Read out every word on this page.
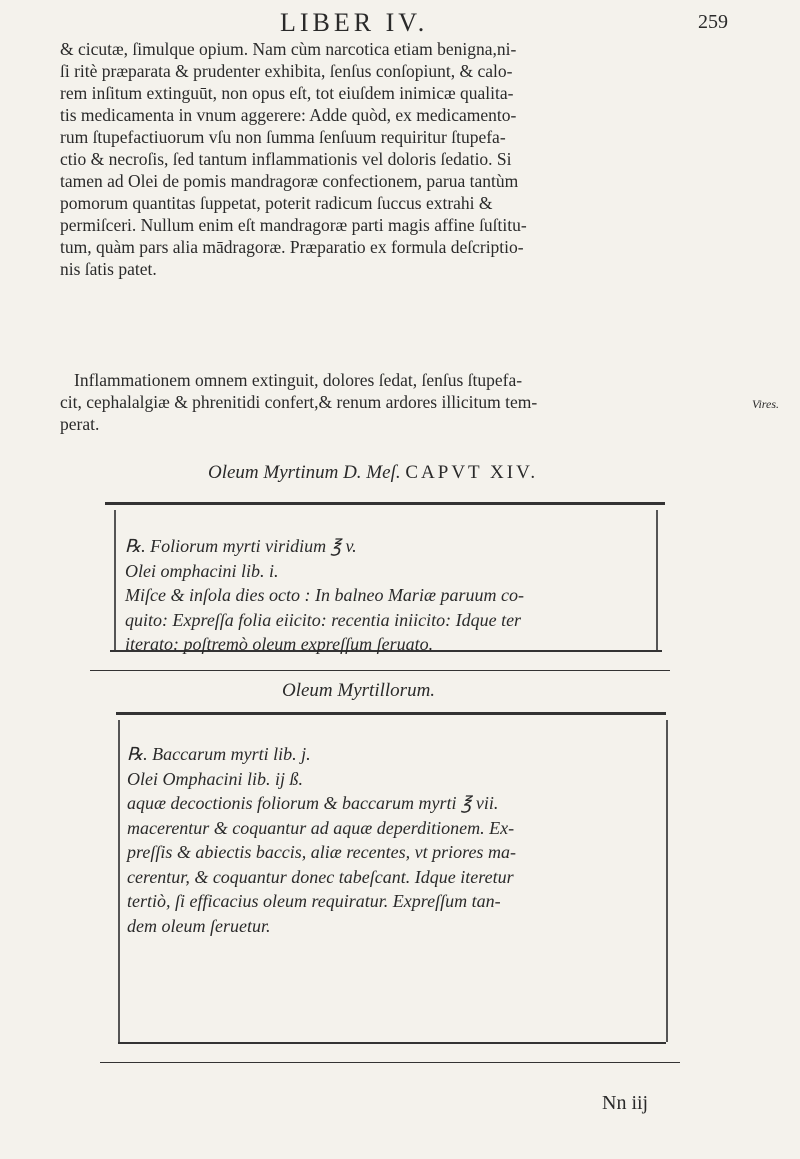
LIBER IV.	259

& cicutæ, ſimulque opium. Nam cùm narcotica etiam benigna,ni-

ſi ritè præparata & prudenter exhibita, ſenſus conſopiunt, & calo-

rem inſitum extinguūt, non opus eſt, tot eiuſdem inimicæ qualita-

tis medicamenta in vnum aggerere: Adde quòd, ex medicamento-

rum ſtupefactiuorum vſu non ſumma ſenſuum requiritur ſtupefa-

ctio & necroſis, ſed tantum inflammationis vel doloris ſedatio. Si

tamen ad Olei de pomis mandragoræ confectionem, parua tantùm

pomorum quantitas ſuppetat, poterit radicum ſuccus extrahi &

permiſceri. Nullum enim eſt mandragoræ parti magis affine ſuſtitu-

tum, quàm pars alia mādragoræ. Præparatio ex formula deſcriptio-

nis ſatis patet.

Inflammationem omnem extinguit, dolores ſedat, ſenſus ſtupefa-

cit, cephalalgiæ & phrenitidi confert,& renum ardores illicitum tem-

perat.

Vires.
Oleum Myrtinum D. Meſ. CAPVT XIV.

℞. Foliorum myrti viridium ℥ v.

Olei omphacini lib. i.

Miſce & inſola dies octo : In balneo Mariæ paruum co-

quito: Expreſſa folia eiicito: recentia iniicito: Idque ter

iterato: poſtremò oleum expreſſum ſeruato.

Oleum Myrtillorum.

℞. Baccarum myrti lib. j.

Olei Omphacini lib. ij ß.

aquæ decoctionis foliorum & baccarum myrti ℥ vii.

macerentur & coquantur ad aquæ deperditionem. Ex-

preſſis & abiectis baccis, aliæ recentes, vt priores ma-

cerentur, & coquantur donec tabeſcant. Idque iteretur

tertiò, ſi efficacius oleum requiratur. Expreſſum tan-

dem oleum ſeruetur.

Nn iij
